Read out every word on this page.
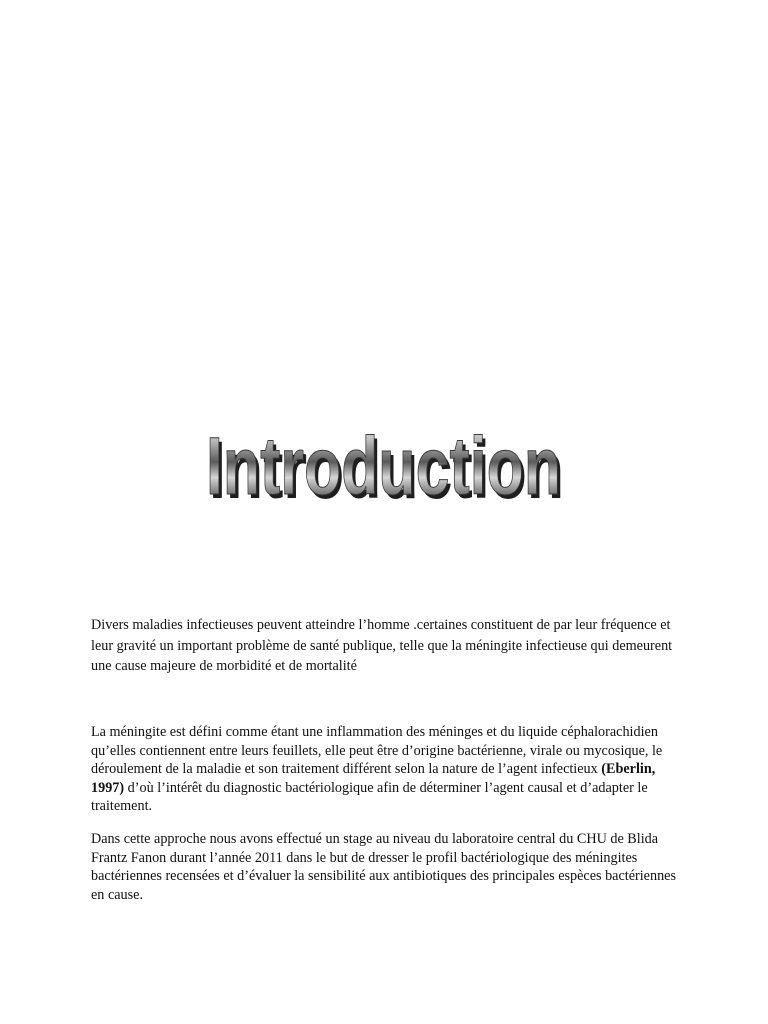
Introduction
Introduction

Divers maladies infectieuses peuvent atteindre l’homme .certaines constituent de par leur fréquence et leur gravité un important problème de santé publique, telle que la méningite infectieuse qui demeurent une cause majeure de morbidité et de mortalité

La méningite est défini comme étant une inflammation des méninges et du liquide céphalorachidien qu’elles contiennent entre leurs feuillets, elle peut être d’origine bactérienne, virale ou mycosique, le déroulement de la maladie et son traitement différent selon la nature de l’agent infectieux (Eberlin, 1997) d’où l’intérêt du diagnostic bactériologique afin de déterminer l’agent causal et d’adapter le traitement.

Dans cette approche nous avons effectué un stage au niveau du laboratoire central du CHU de Blida Frantz Fanon durant l’année 2011 dans le but de dresser le profil bactériologique des méningites bactériennes recensées et d’évaluer la sensibilité aux antibiotiques des principales espèces bactériennes en cause.
